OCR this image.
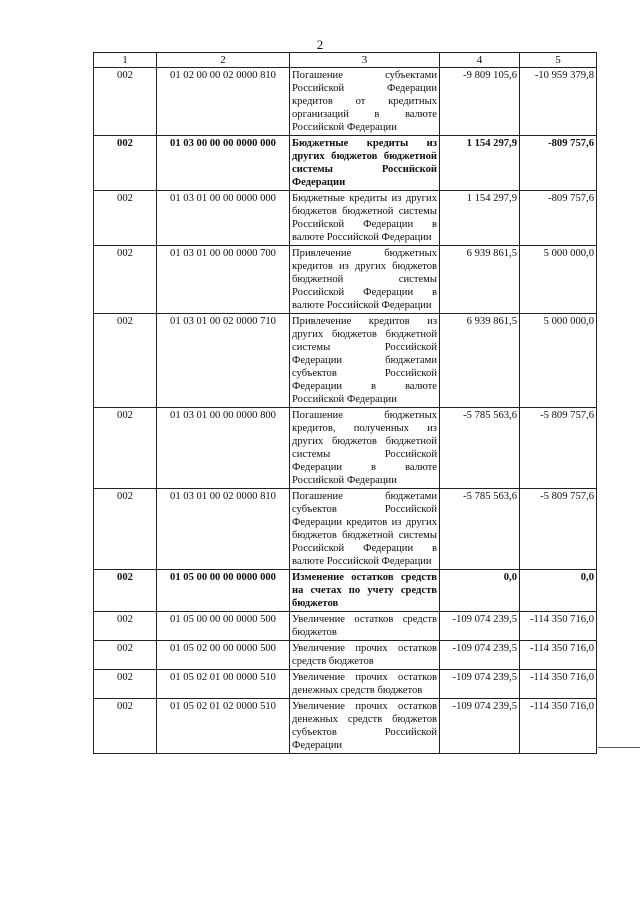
2
1	2	3	4	5
002	01 02 00 00 02 0000 810	Погашение субъектами Российской Федерации кредитов от кредитных организаций в валюте Российской Федерации	-9 809 105,6	-10 959 379,8
002	01 03 00 00 00 0000 000	Бюджетные кредиты из других бюджетов бюджетной системы Российской Федерации	1 154 297,9	-809 757,6
002	01 03 01 00 00 0000 000	Бюджетные кредиты из других бюджетов бюджетной системы Российской Федерации в валюте Российской Федерации	1 154 297,9	-809 757,6
002	01 03 01 00 00 0000 700	Привлечение бюджетных кредитов из других бюджетов бюджетной системы Российской Федерации в валюте Российской Федерации	6 939 861,5	5 000 000,0
002	01 03 01 00 02 0000 710	Привлечение кредитов из других бюджетов бюджетной системы Российской Федерации бюджетами субъектов Российской Федерации в валюте Российской Федерации	6 939 861,5	5 000 000,0
002	01 03 01 00 00 0000 800	Погашение бюджетных кредитов, полученных из других бюджетов бюджетной системы Российской Федерации в валюте Российской Федерации	-5 785 563,6	-5 809 757,6
002	01 03 01 00 02 0000 810	Погашение бюджетами субъектов Российской Федерации кредитов из других бюджетов бюджетной системы Российской Федерации в валюте Российской Федерации	-5 785 563,6	-5 809 757,6
002	01 05 00 00 00 0000 000	Изменение остатков средств на счетах по учету средств бюджетов	0,0	0,0
002	01 05 00 00 00 0000 500	Увеличение остатков средств бюджетов	-109 074 239,5	-114 350 716,0
002	01 05 02 00 00 0000 500	Увеличение прочих остатков средств бюджетов	-109 074 239,5	-114 350 716,0
002	01 05 02 01 00 0000 510	Увеличение прочих остатков денежных средств бюджетов	-109 074 239,5	-114 350 716,0
002	01 05 02 01 02 0000 510	Увеличение прочих остатков денежных средств бюджетов субъектов Российской Федерации	-109 074 239,5	-114 350 716,0
